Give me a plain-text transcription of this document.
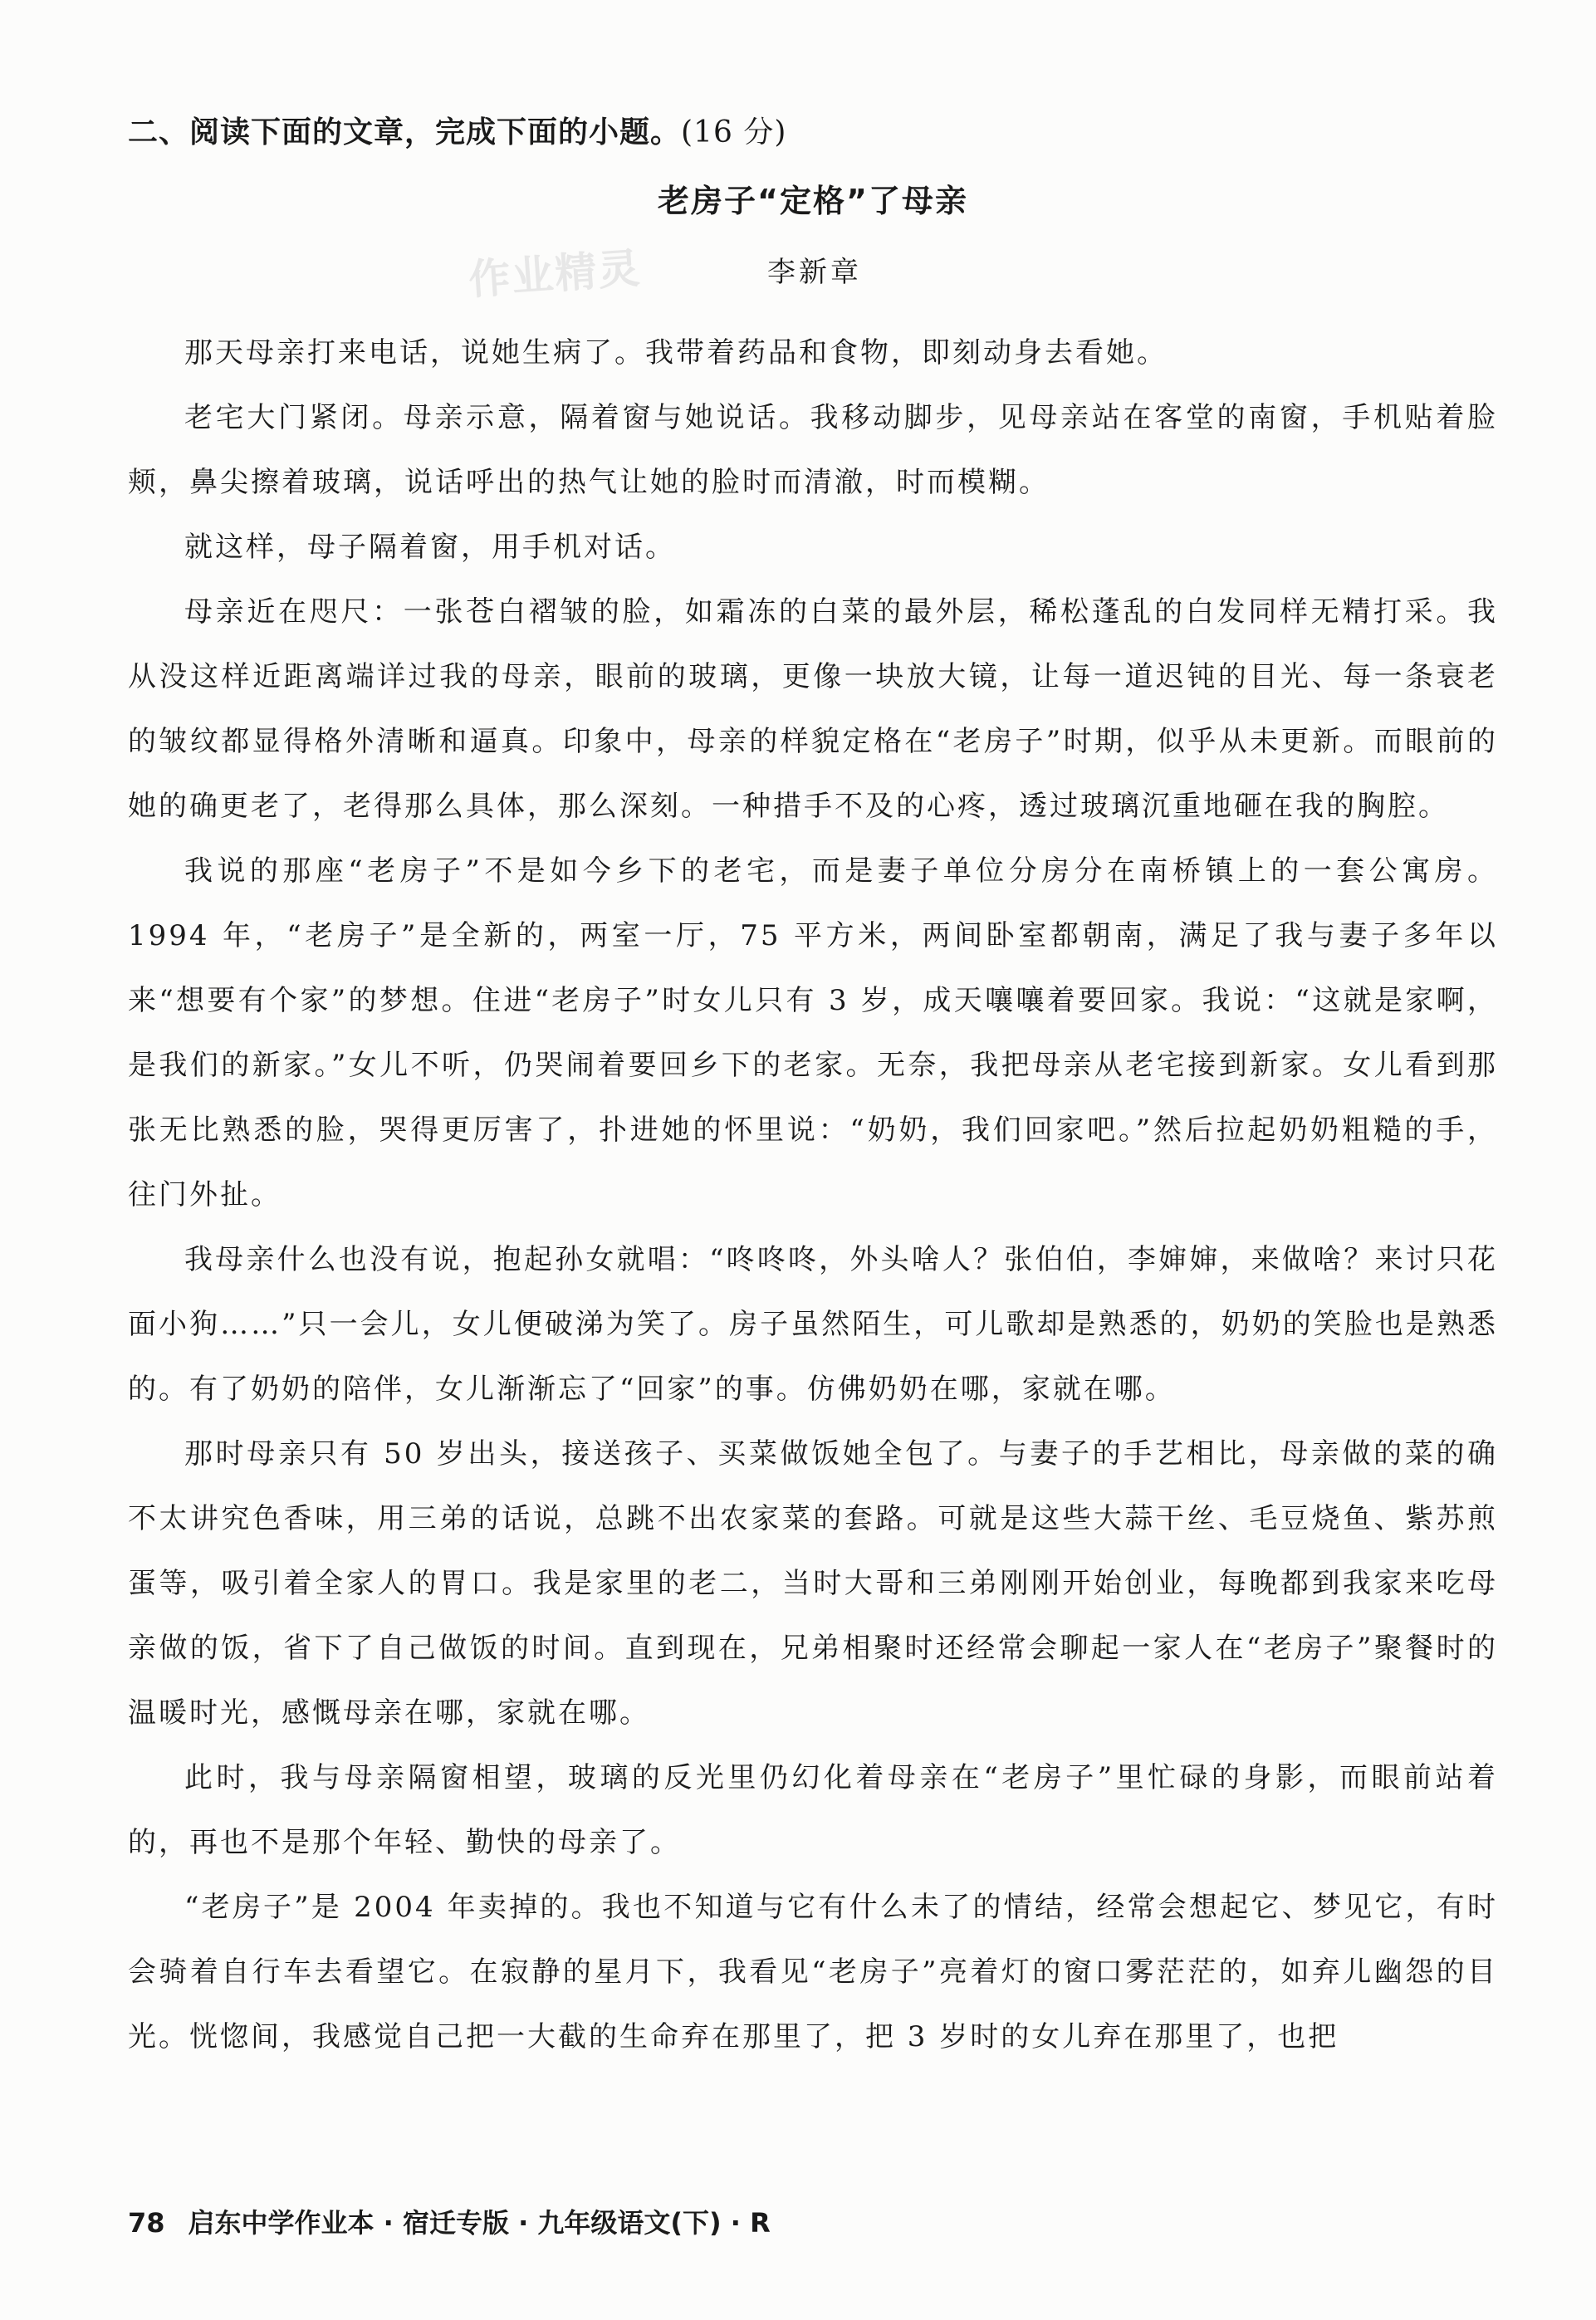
二、阅读下面的文章，完成下面的小题。(16 分)
老房子“定格”了母亲
作业精灵	李新章

那天母亲打来电话，说她生病了。我带着药品和食物，即刻动身去看她。

老宅大门紧闭。母亲示意，隔着窗与她说话。我移动脚步，见母亲站在客堂的南窗，手机贴着脸颊，鼻尖擦着玻璃，说话呼出的热气让她的脸时而清澈，时而模糊。

就这样，母子隔着窗，用手机对话。

母亲近在咫尺：一张苍白褶皱的脸，如霜冻的白菜的最外层，稀松蓬乱的白发同样无精打采。我从没这样近距离端详过我的母亲，眼前的玻璃，更像一块放大镜，让每一道迟钝的目光、每一条衰老的皱纹都显得格外清晰和逼真。印象中，母亲的样貌定格在“老房子”时期，似乎从未更新。而眼前的她的确更老了，老得那么具体，那么深刻。一种措手不及的心疼，透过玻璃沉重地砸在我的胸腔。

我说的那座“老房子”不是如今乡下的老宅，而是妻子单位分房分在南桥镇上的一套公寓房。1994 年，“老房子”是全新的，两室一厅，75 平方米，两间卧室都朝南，满足了我与妻子多年以来“想要有个家”的梦想。住进“老房子”时女儿只有 3 岁，成天嚷嚷着要回家。我说：“这就是家啊，是我们的新家。”女儿不听，仍哭闹着要回乡下的老家。无奈，我把母亲从老宅接到新家。女儿看到那张无比熟悉的脸，哭得更厉害了，扑进她的怀里说：“奶奶，我们回家吧。”然后拉起奶奶粗糙的手，往门外扯。

我母亲什么也没有说，抱起孙女就唱：“咚咚咚，外头啥人？张伯伯，李婶婶，来做啥？来讨只花面小狗……”只一会儿，女儿便破涕为笑了。房子虽然陌生，可儿歌却是熟悉的，奶奶的笑脸也是熟悉的。有了奶奶的陪伴，女儿渐渐忘了“回家”的事。仿佛奶奶在哪，家就在哪。

那时母亲只有 50 岁出头，接送孩子、买菜做饭她全包了。与妻子的手艺相比，母亲做的菜的确不太讲究色香味，用三弟的话说，总跳不出农家菜的套路。可就是这些大蒜干丝、毛豆烧鱼、紫苏煎蛋等，吸引着全家人的胃口。我是家里的老二，当时大哥和三弟刚刚开始创业，每晚都到我家来吃母亲做的饭，省下了自己做饭的时间。直到现在，兄弟相聚时还经常会聊起一家人在“老房子”聚餐时的温暖时光，感慨母亲在哪，家就在哪。

此时，我与母亲隔窗相望，玻璃的反光里仍幻化着母亲在“老房子”里忙碌的身影，而眼前站着的，再也不是那个年轻、勤快的母亲了。

“老房子”是 2004 年卖掉的。我也不知道与它有什么未了的情结，经常会想起它、梦见它，有时会骑着自行车去看望它。在寂静的星月下，我看见“老房子”亮着灯的窗口雾茫茫的，如弃儿幽怨的目光。恍惚间，我感觉自己把一大截的生命弃在那里了，把 3 岁时的女儿弃在那里了，也把

78 启东中学作业本 · 宿迁专版 · 九年级语文(下) · R
